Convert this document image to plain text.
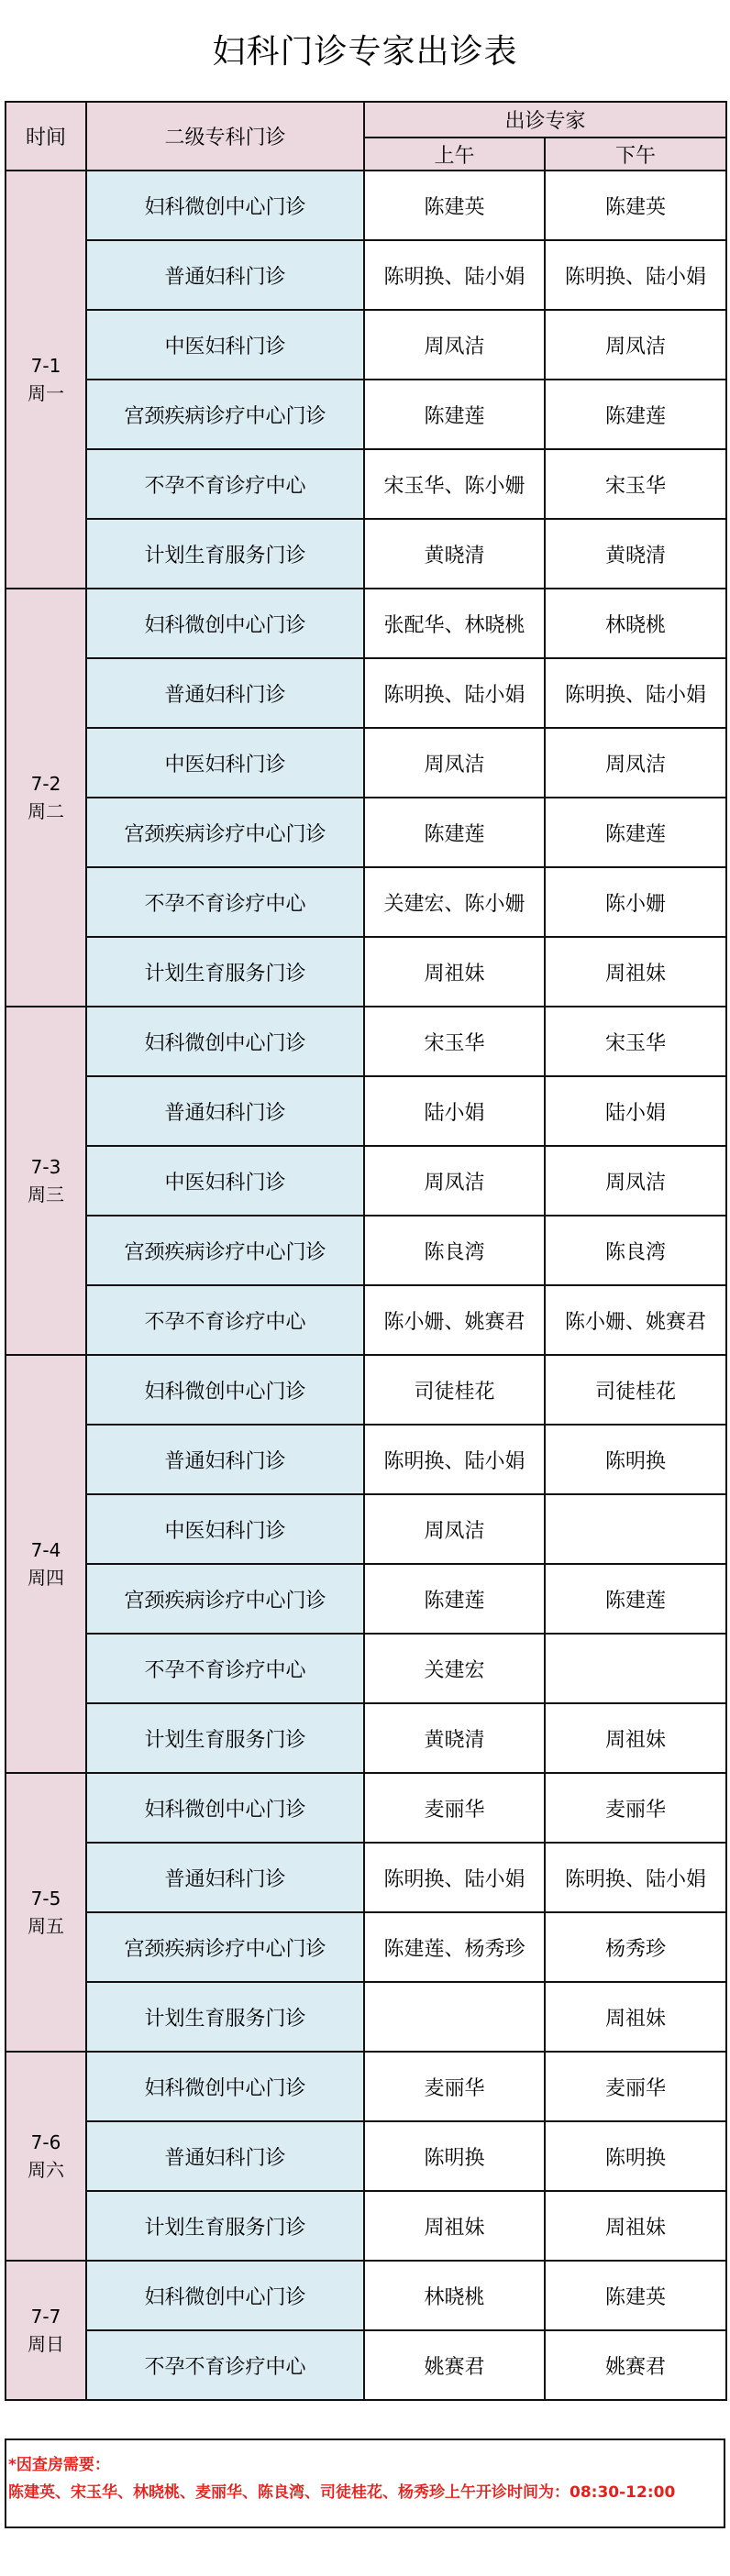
妇科门诊专家出诊表
时间	二级专科门诊	出诊专家	
		上午	下午

7-1
周一	妇科微创中心门诊	陈建英	陈建英
	普通妇科门诊	陈明换、陆小娟	陈明换、陆小娟
	中医妇科门诊	周凤洁	周凤洁
	宫颈疾病诊疗中心门诊	陈建莲	陈建莲
	不孕不育诊疗中心	宋玉华、陈小姗	宋玉华
	计划生育服务门诊	黄晓清	黄晓清

7-2
周二	妇科微创中心门诊	张配华、林晓桃	林晓桃
	普通妇科门诊	陈明换、陆小娟	陈明换、陆小娟
	中医妇科门诊	周凤洁	周凤洁
	宫颈疾病诊疗中心门诊	陈建莲	陈建莲
	不孕不育诊疗中心	关建宏、陈小姗	陈小姗
	计划生育服务门诊	周祖妹	周祖妹

7-3
周三	妇科微创中心门诊	宋玉华	宋玉华
	普通妇科门诊	陆小娟	陆小娟
	中医妇科门诊	周凤洁	周凤洁
	宫颈疾病诊疗中心门诊	陈良湾	陈良湾
	不孕不育诊疗中心	陈小姗、姚赛君	陈小姗、姚赛君

7-4
周四	妇科微创中心门诊	司徒桂花	司徒桂花
	普通妇科门诊	陈明换、陆小娟	陈明换
	中医妇科门诊	周凤洁	
	宫颈疾病诊疗中心门诊	陈建莲	陈建莲
	不孕不育诊疗中心	关建宏	
	计划生育服务门诊	黄晓清	周祖妹

7-5
周五	妇科微创中心门诊	麦丽华	麦丽华
	普通妇科门诊	陈明换、陆小娟	陈明换、陆小娟
	宫颈疾病诊疗中心门诊	陈建莲、杨秀珍	杨秀珍
	计划生育服务门诊		周祖妹

7-6
周六	妇科微创中心门诊	麦丽华	麦丽华
	普通妇科门诊	陈明换	陈明换
	计划生育服务门诊	周祖妹	周祖妹

7-7
周日	妇科微创中心门诊	林晓桃	陈建英
	不孕不育诊疗中心	姚赛君	姚赛君
*因查房需要：
陈建英、宋玉华、林晓桃、麦丽华、陈良湾、司徒桂花、杨秀珍上午开诊时间为：08:30-12:00
